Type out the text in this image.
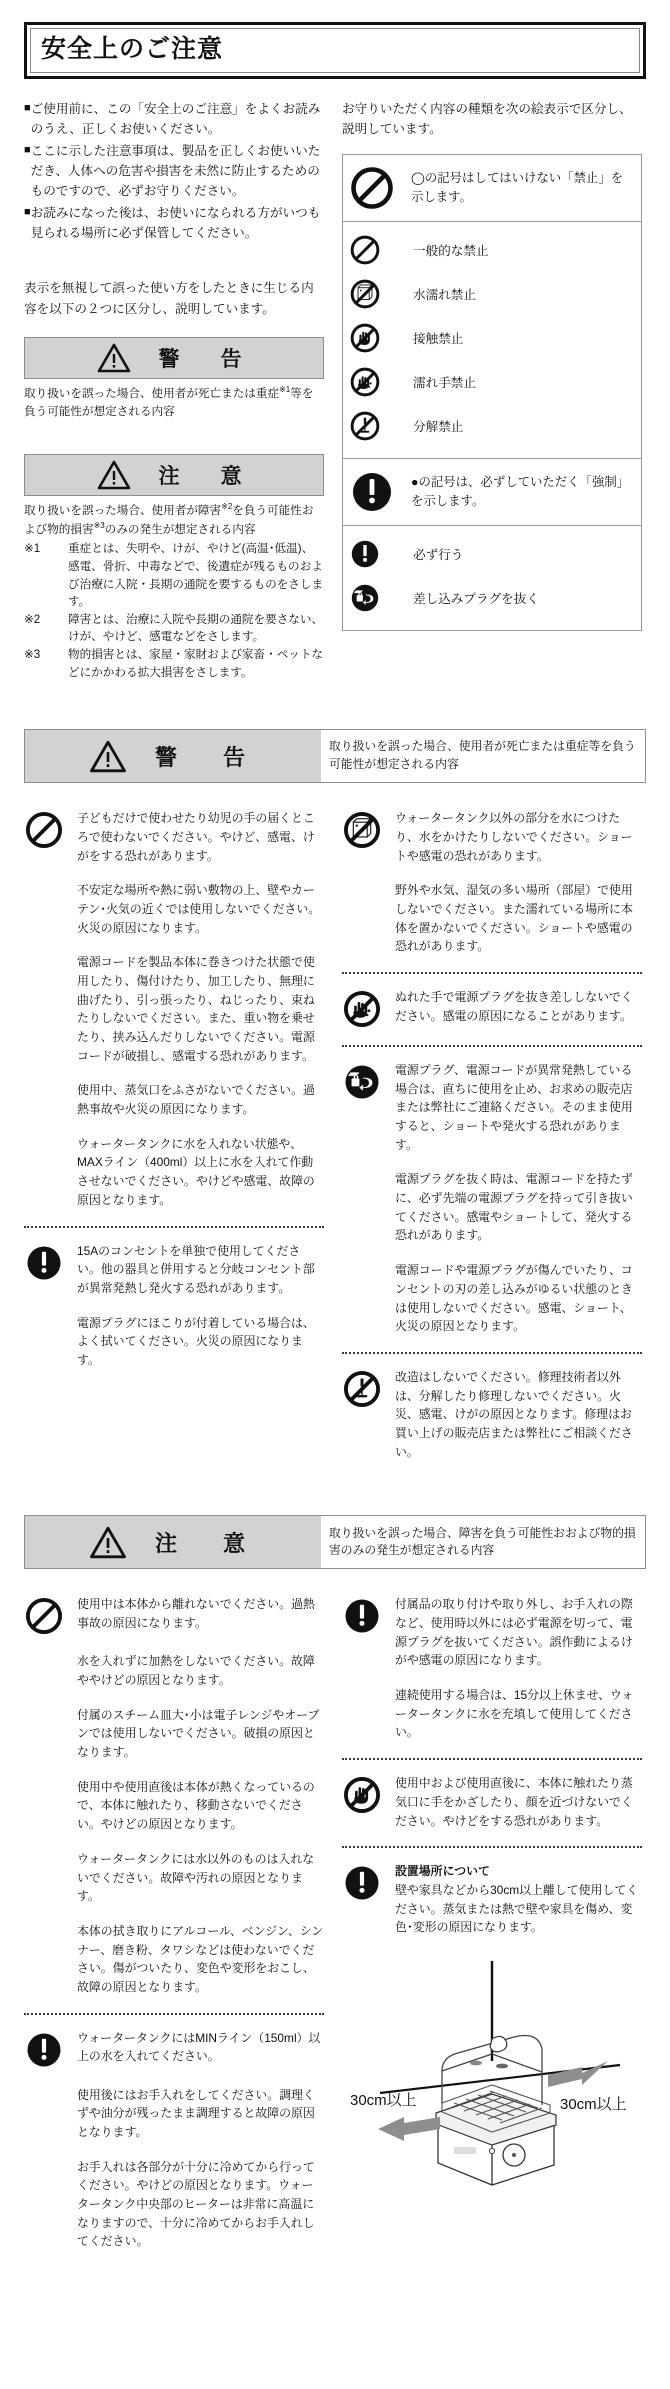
安全上のご注意
■ ご使用前に、この「安全上のご注意」をよくお読みのうえ、正しくお使いください。
■ ここに示した注意事項は、製品を正しくお使いいただき、人体への危害や損害を未然に防止するためのものですので、必ずお守りください。
■ お読みになった後は、お使いになられる方がいつも見られる場所に必ず保管してください。
表示を無視して誤った使い方をしたときに生じる内容を以下の２つに区分し、説明しています。
警　告
取り扱いを誤った場合、使用者が死亡または重症$^{※1}$等を負う可能性が想定される内容
注　意
取り扱いを誤った場合、使用者が障害$^{※2}$を負う可能性および物的損害$^{※3}$のみの発生が想定される内容
※1	重症とは、失明や、けが、やけど(高温･低温)、感電、骨折、中毒などで、後遺症が残るものおよび治療に入院・長期の通院を要するものをさします。
※2	障害とは、治療に入院や長期の通院を要さない、けが、やけど、感電などをさします。
※3	物的損害とは、家屋・家財および家畜・ペットなどにかかわる拡大損害をさします。
お守りいただく内容の種類を次の絵表示で区分し、説明しています。
◯の記号はしてはいけない「禁止」を示します。
一般的な禁止
水濡れ禁止
接触禁止
濡れ手禁止
分解禁止
●の記号は、必ずしていただく「強制」を示します。
必ず行う
差し込みプラグを抜く
警　告	取り扱いを誤った場合、使用者が死亡または重症等を負う可能性が想定される内容
子どもだけで使わせたり幼児の手の届くところで使わないでください。やけど、感電、けがをする恐れがあります。
不安定な場所や熱に弱い敷物の上、壁やカーテン･火気の近くでは使用しないでください。火災の原因になります。
電源コードを製品本体に巻きつけた状態で使用したり、傷付けたり、加工したり、無理に曲げたり、引っ張ったり、ねじったり、束ねたりしないでください。また、重い物を乗せたり、挟み込んだりしないでください。電源コードが破損し、感電する恐れがあります。
使用中、蒸気口をふさがないでください。過熱事故や火災の原因になります。
ウォータータンクに水を入れない状態や、MAXライン（400ml）以上に水を入れて作動させないでください。やけどや感電、故障の原因となります。
15Aのコンセントを単独で使用してください。他の器具と併用すると分岐コンセント部が異常発熱し発火する恐れがあります。
電源プラグにほこりが付着している場合は、よく拭いてください。火災の原因になります。
ウォータータンク以外の部分を水につけたり、水をかけたりしないでください。ショートや感電の恐れがあります。
野外や水気、湿気の多い場所（部屋）で使用しないでください。また濡れている場所に本体を置かないでください。ショートや感電の恐れがあります。
ぬれた手で電源プラグを抜き差ししないでください。感電の原因になることがあります。
電源プラグ、電源コードが異常発熱している場合は、直ちに使用を止め、お求めの販売店または弊社にご連絡ください。そのまま使用すると、ショートや発火する恐れがあります。
電源プラグを抜く時は、電源コードを持たずに、必ず先端の電源プラグを持って引き抜いてください。感電やショートして、発火する恐れがあります。
電源コードや電源プラグが傷んでいたり、コンセントの刃の差し込みがゆるい状態のときは使用しないでください。感電、ショート、火災の原因となります。
改造はしないでください。修理技術者以外は、分解したり修理しないでください。火災、感電、けがの原因となります。修理はお買い上げの販売店または弊社にご相談ください。
注　意	取り扱いを誤った場合、障害を負う可能性おおよび物的損害のみの発生が想定される内容
使用中は本体から離れないでください。過熱事故の原因になります。
水を入れずに加熱をしないでください。故障ややけどの原因となります。
付属のスチーム皿大･小は電子レンジやオーブンでは使用しないでください。破損の原因となります。
使用中や使用直後は本体が熱くなっているので、本体に触れたり、移動さないでください。やけどの原因となります。
ウォータータンクには水以外のものは入れないでください。故障や汚れの原因となります。
本体の拭き取りにアルコール、ベンジン、シンナー、磨き粉、タワシなどは使わないでください。傷がついたり、変色や変形をおこし、故障の原因となります。
ウォータータンクにはMINライン（150ml）以上の水を入れてください。
使用後にはお手入れをしてください。調理くずや油分が残ったまま調理すると故障の原因となります。
お手入れは各部分が十分に冷めてから行ってください。やけどの原因となります。ウォータータンク中央部のヒーターは非常に高温になりますので、十分に冷めてからお手入れしてください。
付属品の取り付けや取り外し、お手入れの際など、使用時以外には必ず電源を切って、電源プラグを抜いてください。誤作動によるけがや感電の原因になります。
連続使用する場合は、15分以上休ませ、ウォータータンクに水を充填して使用してください。
使用中および使用直後に、本体に触れたり蒸気口に手をかざしたり、顔を近づけないでください。やけどをする恐れがあります。
設置場所について
壁や家具などから30cm以上離して使用してください。蒸気または熱で壁や家具を傷め、変色･変形の原因になります。
30cm以上	30cm以上
